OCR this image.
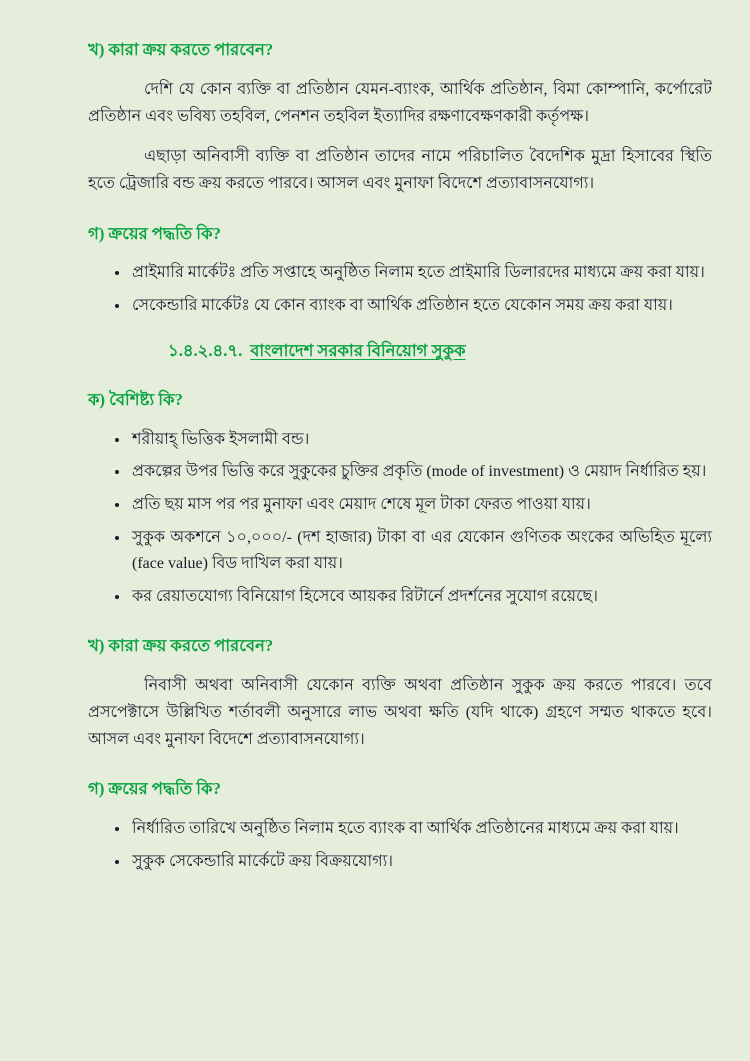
খ) কারা ক্রয় করতে পারবেন?

দেশি যে কোন ব্যক্তি বা প্রতিষ্ঠান যেমন-ব্যাংক, আর্থিক প্রতিষ্ঠান, বিমা কোম্পানি, কর্পোরেট প্রতিষ্ঠান এবং ভবিষ্য তহবিল, পেনশন তহবিল ইত্যাদির রক্ষণাবেক্ষণকারী কর্তৃপক্ষ।

এছাড়া অনিবাসী ব্যক্তি বা প্রতিষ্ঠান তাদের নামে পরিচালিত বৈদেশিক মুদ্রা হিসাবের স্থিতি হতে ট্রেজারি বন্ড ক্রয় করতে পারবে। আসল এবং মুনাফা বিদেশে প্রত্যাবাসনযোগ্য।

গ) ক্রয়ের পদ্ধতি কি?
• প্রাইমারি মার্কেটঃ প্রতি সপ্তাহে অনুষ্ঠিত নিলাম হতে প্রাইমারি ডিলারদের মাধ্যমে ক্রয় করা যায়।
• সেকেন্ডারি মার্কেটঃ যে কোন ব্যাংক বা আর্থিক প্রতিষ্ঠান হতে যেকোন সময় ক্রয় করা যায়।
১.৪.২.৪.৭. বাংলাদেশ সরকার বিনিয়োগ সুকুক
ক) বৈশিষ্ট্য কি?
• শরীয়াহ্ ভিত্তিক ইসলামী বন্ড।
• প্রকল্পের উপর ভিত্তি করে সুকুকের চুক্তির প্রকৃতি (mode of investment) ও মেয়াদ নির্ধারিত হয়।
• প্রতি ছয় মাস পর পর মুনাফা এবং মেয়াদ শেষে মূল টাকা ফেরত পাওয়া যায়।
• সুকুক অকশনে ১০,০০০/- (দশ হাজার) টাকা বা এর যেকোন গুণিতক অংকের অভিহিত মূল্যে (face value) বিড দাখিল করা যায়।
• কর রেয়াতযোগ্য বিনিয়োগ হিসেবে আয়কর রিটার্নে প্রদর্শনের সুযোগ রয়েছে।
খ) কারা ক্রয় করতে পারবেন?

নিবাসী অথবা অনিবাসী যেকোন ব্যক্তি অথবা প্রতিষ্ঠান সুকুক ক্রয় করতে পারবে। তবে প্রসপেক্টাসে উল্লিখিত শর্তাবলী অনুসারে লাভ অথবা ক্ষতি (যদি থাকে) গ্রহণে সম্মত থাকতে হবে। আসল এবং মুনাফা বিদেশে প্রত্যাবাসনযোগ্য।

গ) ক্রয়ের পদ্ধতি কি?
• নির্ধারিত তারিখে অনুষ্ঠিত নিলাম হতে ব্যাংক বা আর্থিক প্রতিষ্ঠানের মাধ্যমে ক্রয় করা যায়।
• সুকুক সেকেন্ডারি মার্কেটে ক্রয় বিক্রয়যোগ্য।
